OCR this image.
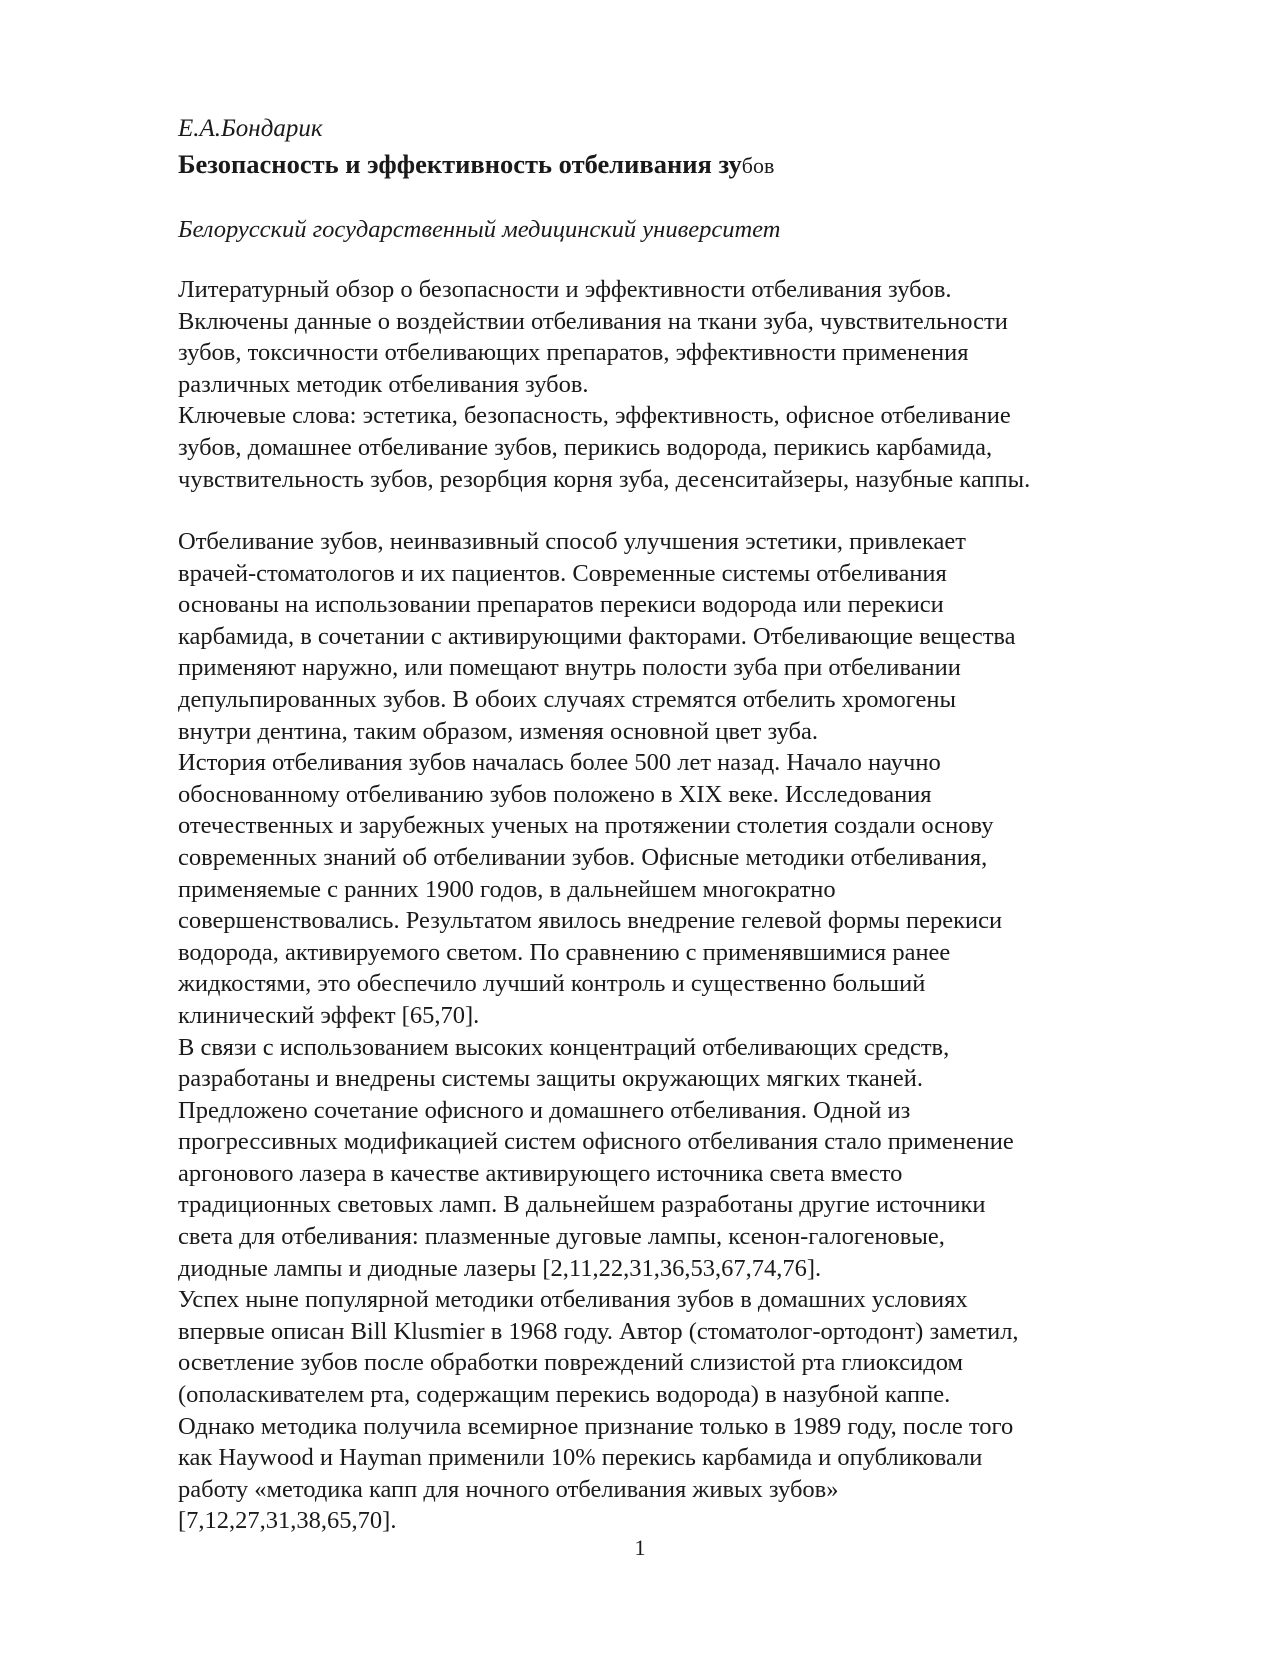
Е.А.Бондарик

Безопасность и эффективность отбеливания зубов

Белорусский государственный медицинский университет

Литературный обзор о безопасности и эффективности отбеливания зубов.
Включены данные о воздействии отбеливания на ткани зуба, чувствительности
зубов, токсичности отбеливающих препаратов, эффективности применения
различных методик отбеливания зубов.
Ключевые слова: эстетика, безопасность, эффективность, офисное отбеливание
зубов, домашнее отбеливание зубов, перикись водорода, перикись карбамида,
чувствительность зубов, резорбция корня зуба, десенситайзеры, назубные каппы.
Отбеливание зубов, неинвазивный способ улучшения эстетики, привлекает
врачей-стоматологов и их пациентов. Современные системы отбеливания
основаны на использовании препаратов перекиси водорода или перекиси
карбамида, в сочетании с активирующими факторами. Отбеливающие вещества
применяют наружно, или помещают внутрь полости зуба при отбеливании
депульпированных зубов. В обоих случаях стремятся отбелить хромогены
внутри дентина, таким образом, изменяя основной цвет зуба.
История отбеливания зубов началась более 500 лет назад. Начало научно
обоснованному отбеливанию зубов положено в XIX веке. Исследования
отечественных и зарубежных ученых на протяжении столетия создали основу
современных знаний об отбеливании зубов. Офисные методики отбеливания,
применяемые с ранних 1900 годов, в дальнейшем многократно
совершенствовались. Результатом явилось внедрение гелевой формы перекиси
водорода, активируемого светом. По сравнению с применявшимися ранее
жидкостями, это обеспечило лучший контроль и существенно больший
клинический эффект [65,70].
В связи с использованием высоких концентраций отбеливающих средств,
разработаны и внедрены системы защиты окружающих мягких тканей.
Предложено сочетание офисного и домашнего отбеливания. Одной из
прогрессивных модификацией систем офисного отбеливания стало применение
аргонового лазера в качестве активирующего источника света вместо
традиционных световых ламп. В дальнейшем разработаны другие источники
света для отбеливания: плазменные дуговые лампы, ксенон-галогеновые,
диодные лампы и диодные лазеры [2,11,22,31,36,53,67,74,76].
Успех ныне популярной методики отбеливания зубов в домашних условиях
впервые описан Bill Klusmier в 1968 году. Автор (стоматолог-ортодонт) заметил,
осветление зубов после обработки повреждений слизистой рта глиоксидом
(ополаскивателем рта, содержащим перекись водорода) в назубной каппе.
Однако методика получила всемирное признание только в 1989 году, после того
как Haywood и Hayman применили 10% перекись карбамида и опубликовали
работу «методика капп для ночного отбеливания живых зубов»
[7,12,27,31,38,65,70].
1
